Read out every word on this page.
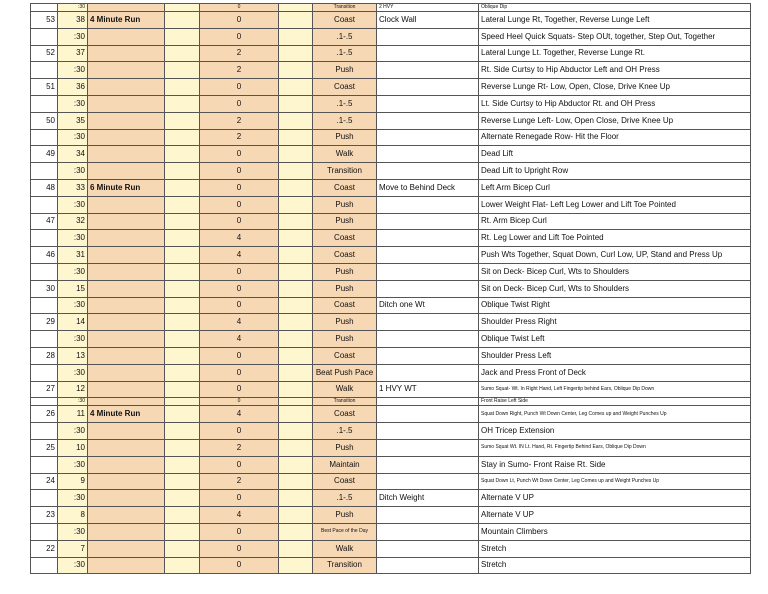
	:30			0		Transition	2 HVY	Oblique Dip
53	38	4 Minute Run		0		Coast	Clock Wall	Lateral Lunge Rt, Together, Reverse Lunge Left
	:30			0		.1-.5		Speed Heel Quick Squats- Step OUt, together, Step Out, Together
52	37			2		.1-.5		Lateral Lunge Lt. Together, Reverse Lunge Rt.
	:30			2		Push		Rt. Side Curtsy to Hip Abductor Left and OH Press
51	36			0		Coast		Reverse Lunge Rt- Low, Open, Close, Drive Knee Up
	:30			0		.1-.5		Lt. Side Curtsy to Hip Abductor Rt. and OH Press
50	35			2		.1-.5		Reverse Lunge Left- Low, Open Close, Drive Knee Up
	:30			2		Push		Alternate Renegade Row- Hit the Floor
49	34			0		Walk		Dead Lift
	:30			0		Transition		Dead Lift to Upright Row
48	33	6 Minute Run		0		Coast	Move to Behind Deck	Left Arm Bicep Curl
	:30			0		Push		Lower Weight Flat- Left Leg Lower and Lift Toe Pointed
47	32			0		Push		Rt. Arm Bicep Curl
	:30			4		Coast		Rt. Leg Lower and Lift Toe Pointed
46	31			4		Coast		Push Wts Together, Squat Down, Curl Low, UP, Stand and Press Up
	:30			0		Push		Sit on Deck- Bicep Curl, Wts to Shoulders
30	15			0		Push		Sit on Deck- Bicep Curl, Wts to Shoulders
	:30			0		Coast	Ditch one Wt	Oblique Twist Right
29	14			4		Push		Shoulder Press Right
	:30			4		Push		Oblique Twist Left
28	13			0		Coast		Shoulder Press Left
	:30			0		Beat Push Pace		Jack and Press Front of Deck
27	12			0		Walk	1 HVY WT	Sumo Squat- Wt. In Right Hand, Left Fingertip behind Ears, Oblique Dip Down
	:30			0		Transition		Front Raise Left Side
26	11	4 Minute Run		4		Coast		Squat Down Right, Punch Wt Down Center, Leg Comes up and Weight Punches Up
	:30			0		.1-.5		OH Tricep Extension
25	10			2		Push		Sumo Squat Wt. IN Lt. Hand, Rt. Fingertip Behind Ears, Oblique Dip Down
	:30			0		Maintain		Stay in Sumo- Front Raise Rt. Side
24	9			2		Coast		Squat Down Lt, Punch Wt Down Center, Leg Comes up and Weight Punches Up
	:30			0		.1-.5	Ditch Weight	Alternate V UP
23	8			4		Push		Alternate V UP
	:30			0		Best Pace of the Day		Mountain Climbers
22	7			0		Walk		Stretch
	:30			0		Transition		Stretch
